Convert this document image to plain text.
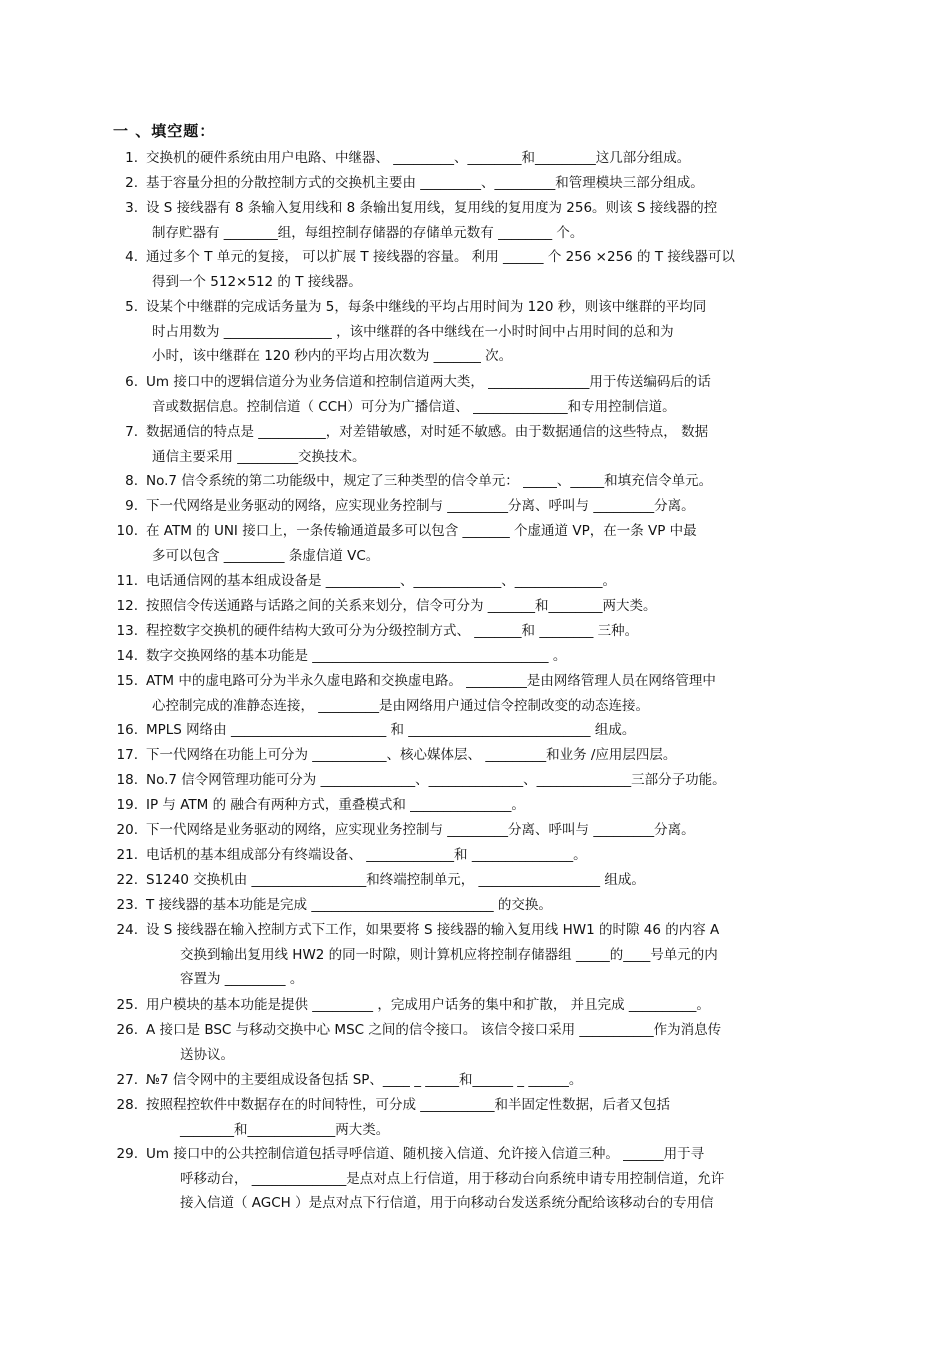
一 、填空题：
1. 交换机的硬件系统由用户电路、中继器、 _________、________和_________这几部分组成。
2. 基于容量分担的分散控制方式的交换机主要由 _________、_________和管理模块三部分组成。
3. 设 S 接线器有 8 条输入复用线和 8 条输出复用线，复用线的复用度为 256。则该 S 接线器的控
制存贮器有 ________组，每组控制存储器的存储单元数有 ________ 个。
4. 通过多个 T 单元的复接， 可以扩展 T 接线器的容量。 利用 ______ 个 256 ×256 的 T 接线器可以
得到一个 512×512 的 T 接线器。
5. 设某个中继群的完成话务量为 5，每条中继线的平均占用时间为 120 秒，则该中继群的平均同
时占用数为 ________________ ，该中继群的各中继线在一小时时间中占用时间的总和为
小时，该中继群在 120 秒内的平均占用次数为 _______ 次。
6. Um 接口中的逻辑信道分为业务信道和控制信道两大类， _______________用于传送编码后的话
音或数据信息。控制信道（ CCH）可分为广播信道、 ______________和专用控制信道。
7. 数据通信的特点是 __________，对差错敏感，对时延不敏感。由于数据通信的这些特点， 数据
通信主要采用 _________交换技术。
8. No.7 信令系统的第二功能级中，规定了三种类型的信令单元： _____、_____和填充信令单元。
9. 下一代网络是业务驱动的网络，应实现业务控制与 _________分离、呼叫与 _________分离。
10. 在 ATM 的 UNI 接口上，一条传输通道最多可以包含 _______ 个虚通道 VP，在一条 VP 中最
多可以包含 _________ 条虚信道 VC。
11. 电话通信网的基本组成设备是 ___________、_____________、_____________。
12. 按照信令传送通路与话路之间的关系来划分，信令可分为 _______和________两大类。
13. 程控数字交换机的硬件结构大致可分为分级控制方式、 _______和 ________ 三种。
14. 数字交换网络的基本功能是 ___________________________________ 。
15. ATM 中的虚电路可分为半永久虚电路和交换虚电路。 _________是由网络管理人员在网络管理中
心控制完成的准静态连接， _________是由网络用户通过信令控制改变的动态连接。
16. MPLS 网络由 _______________________ 和 ___________________________ 组成。
17. 下一代网络在功能上可分为 ___________、核心媒体层、 _________和业务 /应用层四层。
18. No.7 信令网管理功能可分为 ______________、______________、______________三部分子功能。
19. IP 与 ATM 的 融合有两种方式，重叠模式和 _______________。
20. 下一代网络是业务驱动的网络，应实现业务控制与 _________分离、呼叫与 _________分离。
21. 电话机的基本组成部分有终端设备、 _____________和 _______________。
22. S1240 交换机由 _________________和终端控制单元， __________________ 组成。
23. T 接线器的基本功能是完成 ___________________________ 的交换。
24. 设 S 接线器在输入控制方式下工作，如果要将 S 接线器的输入复用线 HW1 的时隙 46 的内容 A
交换到输出复用线 HW2 的同一时隙，则计算机应将控制存储器组 _____的____号单元的内
容置为 _________ 。
25. 用户模块的基本功能是提供 _________ ，完成用户话务的集中和扩散， 并且完成 __________。
26. A 接口是 BSC 与移动交换中心 MSC 之间的信令接口。 该信令接口采用 ___________作为消息传
送协议。
27. №7 信令网中的主要组成设备包括 SP、____ _ _____和______ _ ______。
28. 按照程控软件中数据存在的时间特性，可分成 ___________和半固定性数据，后者又包括
________和_____________两大类。
29. Um 接口中的公共控制信道包括寻呼信道、随机接入信道、允许接入信道三种。 ______用于寻
呼移动台， ______________是点对点上行信道，用于移动台向系统申请专用控制信道，允许
接入信道（ AGCH ）是点对点下行信道，用于向移动台发送系统分配给该移动台的专用信
